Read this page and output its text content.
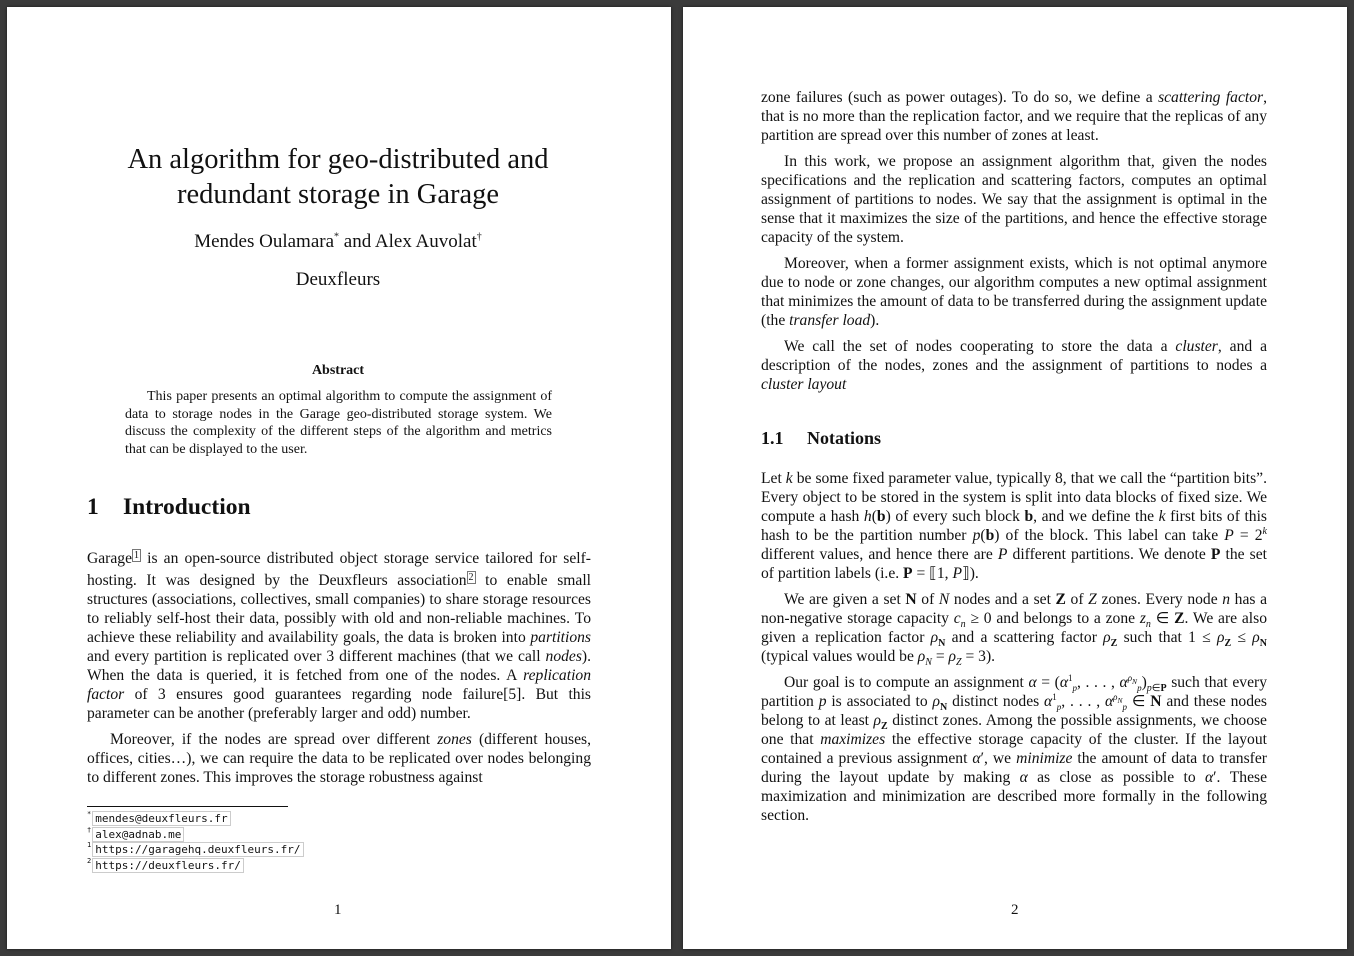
An algorithm for geo-distributed and
redundant storage in Garage
Mendes Oulamara* and Alex Auvolat†
Deuxfleurs
Abstract
This paper presents an optimal algorithm to compute the assignment of data to storage nodes in the Garage geo-distributed storage system. We discuss the complexity of the different steps of the algorithm and metrics that can be displayed to the user.
1 Introduction

Garage $^1$ is an open-source distributed object storage service tailored for self-hosting. It was designed by the Deuxfleurs association $^2$ to enable small structures (associations, collectives, small companies) to share storage resources to reliably self-host their data, possibly with old and non-reliable machines. To achieve these reliability and availability goals, the data is broken into partitions and every partition is replicated over 3 different machines (that we call nodes). When the data is queried, it is fetched from one of the nodes. A replication factor of 3 ensures good guarantees regarding node failure[5]. But this parameter can be another (preferably larger and odd) number.

Moreover, if the nodes are spread over different zones (different houses, offices, cities…), we can require the data to be replicated over nodes belonging to different zones. This improves the storage robustness against

* mendes@deuxfleurs.fr
† alex@adnab.me
$^1$ https://garagehq.deuxfleurs.fr/
$^2$ https://deuxfleurs.fr/
1

zone failures (such as power outages). To do so, we define a scattering factor, that is no more than the replication factor, and we require that the replicas of any partition are spread over this number of zones at least.

In this work, we propose an assignment algorithm that, given the nodes specifications and the replication and scattering factors, computes an optimal assignment of partitions to nodes. We say that the assignment is optimal in the sense that it maximizes the size of the partitions, and hence the effective storage capacity of the system.

Moreover, when a former assignment exists, which is not optimal anymore due to node or zone changes, our algorithm computes a new optimal assignment that minimizes the amount of data to be transferred during the assignment update (the transfer load).

We call the set of nodes cooperating to store the data a cluster, and a description of the nodes, zones and the assignment of partitions to nodes a cluster layout

1.1 Notations

Let k be some fixed parameter value, typically 8, that we call the “partition bits”. Every object to be stored in the system is split into data blocks of fixed size. We compute a hash h(b) of every such block b, and we define the k first bits of this hash to be the partition number p(b) of the block. This label can take $P = 2^k$ different values, and hence there are P different partitions. We denote P the set of partition labels (i.e. P = ⟦1, P⟧).

We are given a set N of N nodes and a set Z of Z zones. Every node n has a non-negative storage capacity $c_n \ge 0$ and belongs to a zone $z_n$ ∈ Z. We are also given a replication factor $\rho_N$ and a scattering factor $\rho_Z$ such that $1 \le \rho_Z \le \rho_N$ (typical values would be $\rho_N = \rho_Z = 3$).

Our goal is to compute an assignment $\alpha = (\alpha^1_p$, . . . , $\alpha^{\rho_N}_p)_{p\in P}$ such that every partition p is associated to $\rho_N$ distinct nodes $\alpha^1_p$, . . . , $\alpha^{\rho_N}_p$ ∈ N and these nodes belong to at least $\rho_Z$ distinct zones. Among the possible assignments, we choose one that maximizes the effective storage capacity of the cluster. If the layout contained a previous assignment α′, we minimize the amount of data to transfer during the layout update by making α as close as possible to α′. These maximization and minimization are described more formally in the following section.

2
